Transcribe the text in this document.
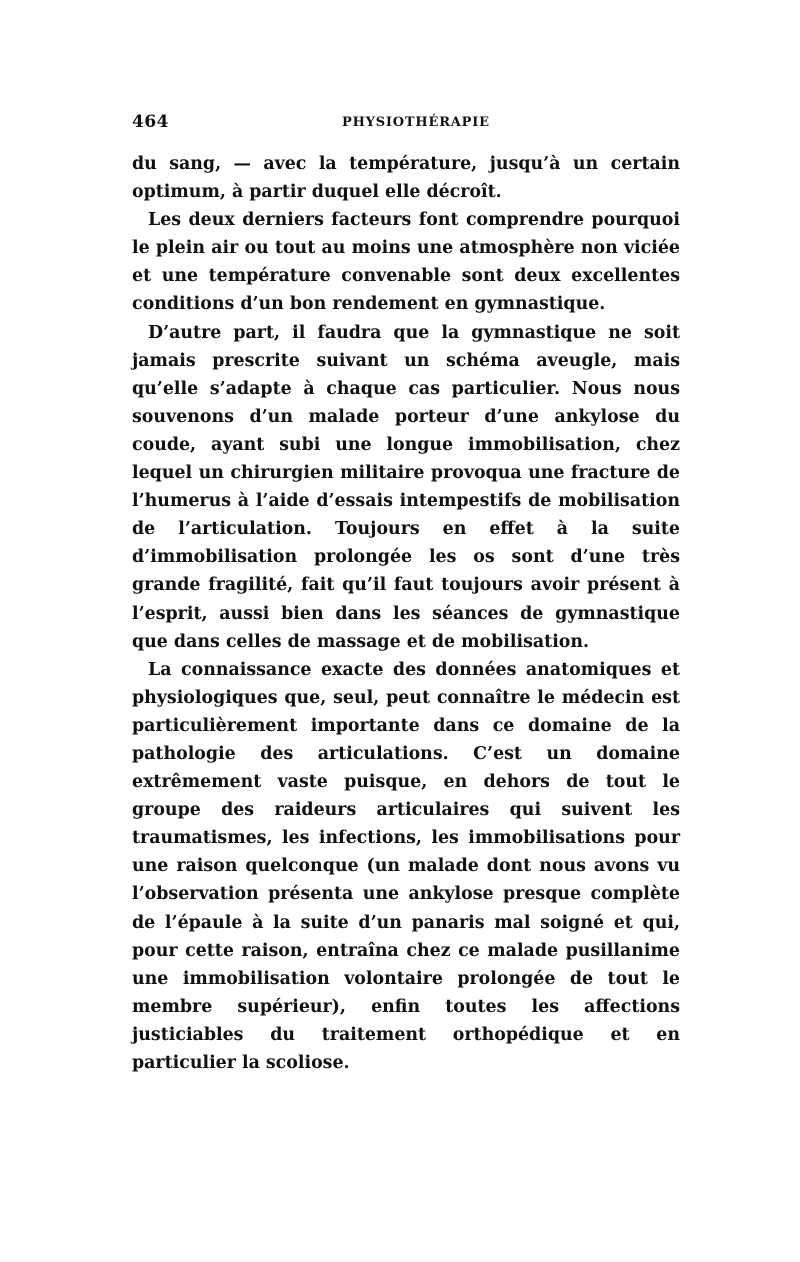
464	PHYSIOTHÉRAPIE

du sang, — avec la température, jusqu’à un certain optimum, à partir duquel elle décroît.

Les deux derniers facteurs font comprendre pourquoi le plein air ou tout au moins une atmosphère non viciée et une température convenable sont deux excellentes conditions d’un bon rendement en gymnastique.

D’autre part, il faudra que la gymnastique ne soit jamais prescrite suivant un schéma aveugle, mais qu’elle s’adapte à chaque cas particulier. Nous nous souvenons d’un malade porteur d’une ankylose du coude, ayant subi une longue immobilisation, chez lequel un chirurgien militaire provoqua une fracture de l’humerus à l’aide d’essais intempestifs de mobilisation de l’articulation. Toujours en effet à la suite d’immobilisation prolongée les os sont d’une très grande fragilité, fait qu’il faut toujours avoir présent à l’esprit, aussi bien dans les séances de gymnastique que dans celles de massage et de mobilisation.

La connaissance exacte des données anatomiques et physiologiques que, seul, peut connaître le médecin est particulièrement importante dans ce domaine de la pathologie des articulations. C’est un domaine extrêmement vaste puisque, en dehors de tout le groupe des raideurs articulaires qui suivent les traumatismes, les infections, les immobilisations pour une raison quelconque (un malade dont nous avons vu l’observation présenta une ankylose presque complète de l’épaule à la suite d’un panaris mal soigné et qui, pour cette raison, entraîna chez ce malade pusillanime une immobilisation volontaire prolongée de tout le membre supérieur), enfin toutes les affections justiciables du traitement orthopédique et en particulier la scoliose.
